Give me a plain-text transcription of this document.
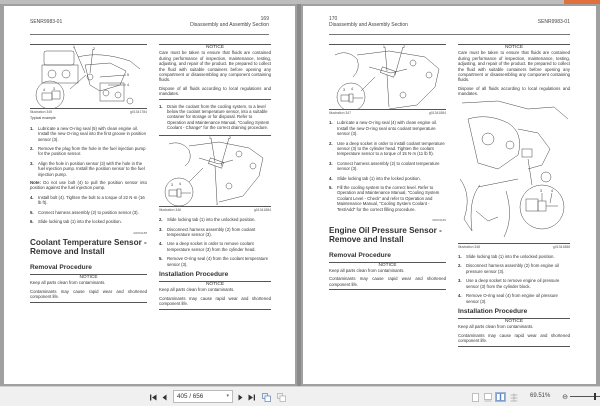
SENR9983-01	169
Disassembly and Assembly Section
1	2
5
4
4 3
Illustration 345	g01341784
Typical example
1. Lubricate a new O-ring seal (5) with clean engine oil. Install the new O-ring seal into the first groove in position sensor (3).
2. Remove the plug from the hole in the fuel injection pump for the position sensor.
3. Align the hole in position sensor (3) with the hole in the fuel injection pump. Install the position sensor to the fuel injection pump.
Note: Do not use bolt (4) to pull the position sensor into position against the fuel injection pump.
4. Install bolt (4). Tighten the bolt to a torque of 22 N·m (16 lb ft).
5. Connect harness assembly (2) to position sensor (3).
6. Slide locking tab (1) into the locked position.
i02831188
Coolant Temperature Sensor - Remove and Install
Removal Procedure
NOTICE
Keep all parts clean from contaminants.
Contaminants may cause rapid wear and shortened component life.
NOTICE
Care must be taken to ensure that fluids are contained during performance of inspection, maintenance, testing, adjusting, and repair of the product. Be prepared to collect the fluid with suitable containers before opening any compartment or disassembling any component containing fluids.
Dispose of all fluids according to local regulations and mandates.
1. Drain the coolant from the cooling system, to a level below the coolant temperature sensor, into a suitable container for storage or for disposal. Refer to Operation and Maintenance Manual, "Cooling System Coolant - Change" for the correct draining procedure.
1	2
3 4
3
Illustration 346	g01341884
2. Slide locking tab (1) into the unlocked position.
3. Disconnect harness assembly (2) from coolant temperature sensor (3).
4. Use a deep socket in order to remove coolant temperature sensor (3) from the cylinder head.
5. Remove O-ring seal (4) from the coolant temperature sensor (3).
Installation Procedure
NOTICE
Keep all parts clean from contaminants.
Contaminants may cause rapid wear and shortened component life.
170
Disassembly and Assembly Section	SENR9983-01
1	2
3 4
Illustration 347	g01341884
1. Lubricate a new O-ring seal (4) with clean engine oil. Install the new O-ring seal onto coolant temperature sensor (3).
2. Use a deep socket in order to install coolant temperature sensor (3) to the cylinder head. Tighten the coolant temperature sensor to a torque of 15 N·m (11 lb ft).
3. Connect harness assembly (2) to coolant temperature sensor (3).
4. Slide locking tab (1) into the locked position.
5. Fill the cooling system to the correct level. Refer to Operation and Maintenance Manual, "Cooling System Coolant Level - Check" and refer to Operation and Maintenance Manual, "Cooling System Coolant - Test/Add" for the correct filling procedure.
i02831189
Engine Oil Pressure Sensor - Remove and Install
Removal Procedure
NOTICE
Keep all parts clean from contaminants.
Contaminants may cause rapid wear and shortened component life.
NOTICE
Care must be taken to ensure that fluids are contained during performance of inspection, maintenance, testing, adjusting, and repair of the product. Be prepared to collect the fluid with suitable containers before opening any compartment or disassembling any component containing fluids.
Dispose of all fluids according to local regulations and mandates.
3	4
Illustration 348	g01341886
1. Slide locking tab (1) into the unlocked position.
2. Disconnect harness assembly (2) from engine oil pressure sensor (3).
3. Use a deep socket to remove engine oil pressure sensor (3) from the cylinder block.
4. Remove O-ring seal (4) from engine oil pressure sensor (3).
Installation Procedure
NOTICE
Keep all parts clean from contaminants.
Contaminants may cause rapid wear and shortened component life.
405 / 656	▾	69.51% ⊖
